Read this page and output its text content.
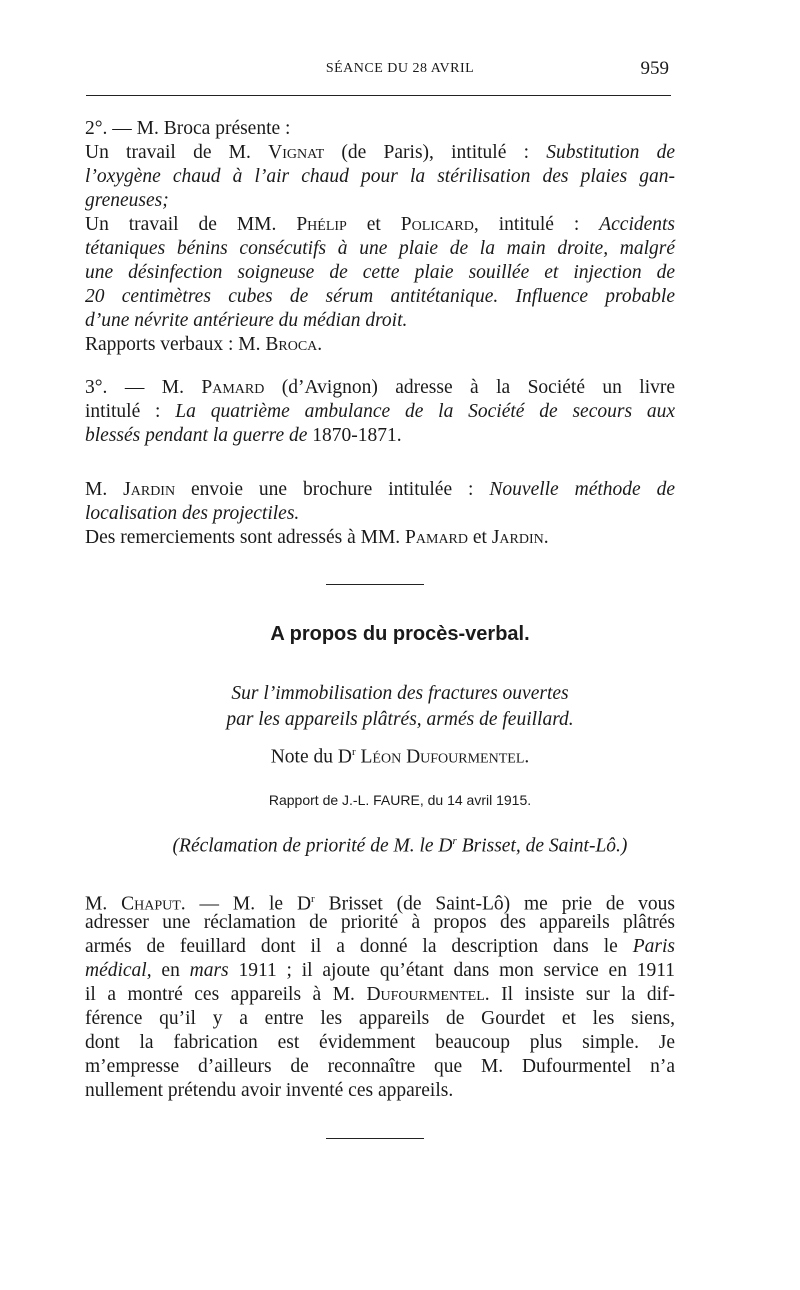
SÉANCE DU 28 AVRIL	959
2°. — M. Broca présente :
Un travail de M. Vignat (de Paris), intitulé : Substitution de
l’oxygène chaud à l’air chaud pour la stérilisation des plaies gan-
greneuses;
Un travail de MM. Phélip et Policard, intitulé : Accidents
tétaniques bénins consécutifs à une plaie de la main droite, malgré
une désinfection soigneuse de cette plaie souillée et injection de
20 centimètres cubes de sérum antitétanique. Influence probable
d’une névrite antérieure du médian droit.
Rapports verbaux : M. Broca.
3°. — M. Pamard (d’Avignon) adresse à la Société un livre
intitulé : La quatrième ambulance de la Société de secours aux
blessés pendant la guerre de 1870-1871.
M. Jardin envoie une brochure intitulée : Nouvelle méthode de
localisation des projectiles.
Des remerciements sont adressés à MM. Pamard et Jardin.
A propos du procès-verbal.
Sur l’immobilisation des fractures ouvertes
par les appareils plâtrés, armés de feuillard.
Note du $D^r$ Léon Dufourmentel.
Rapport de J.-L. FAURE, du 14 avril 1915.
(Réclamation de priorité de M. le $D^r$ Brisset, de Saint-Lô.)
M. Chaput. — M. le $D^r$ Brisset (de Saint-Lô) me prie de vous
adresser une réclamation de priorité à propos des appareils plâtrés
armés de feuillard dont il a donné la description dans le Paris
médical, en mars 1911 ; il ajoute qu’étant dans mon service en 1911
il a montré ces appareils à M. Dufourmentel. Il insiste sur la dif-
férence qu’il y a entre les appareils de Gourdet et les siens,
dont la fabrication est évidemment beaucoup plus simple. Je
m’empresse d’ailleurs de reconnaître que M. Dufourmentel n’a
nullement prétendu avoir inventé ces appareils.
